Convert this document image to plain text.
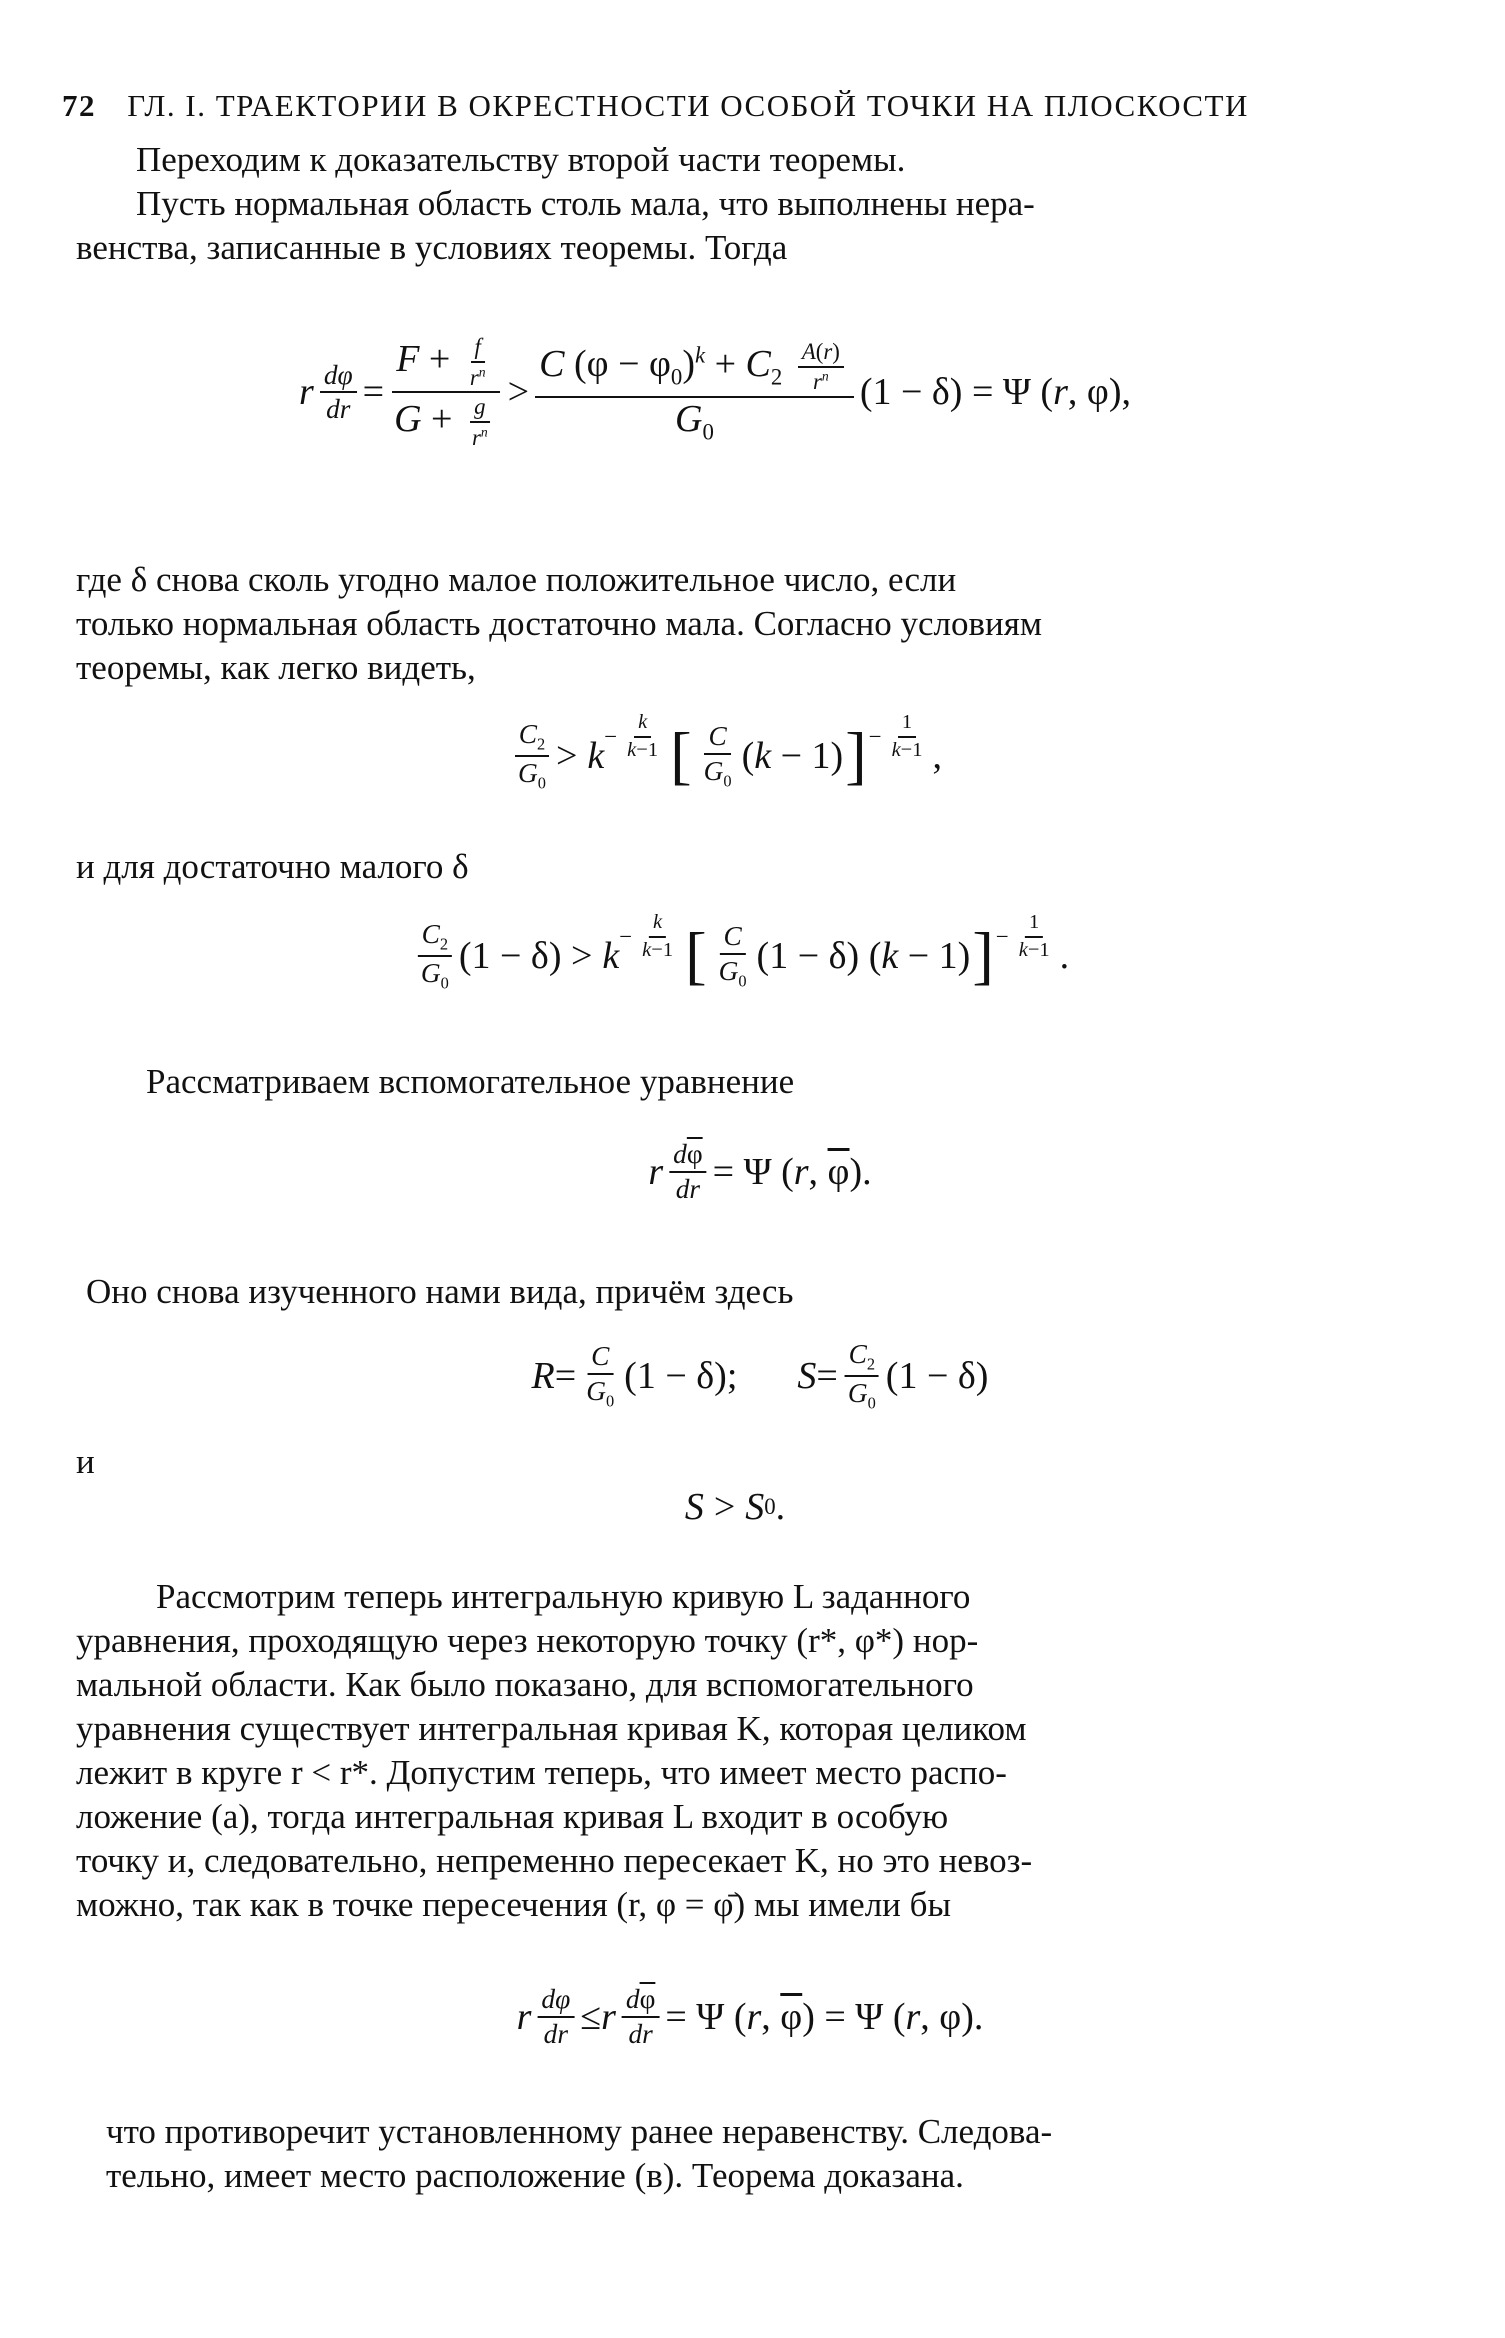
72 ГЛ. I. ТРАЕКТОРИИ В ОКРЕСТНОСТИ ОСОБОЙ ТОЧКИ НА ПЛОСКОСТИ
Переходим к доказательству второй части теоремы.
Пусть нормальная область столь мала, что выполнены нера-
венства, записанные в условиях теоремы. Тогда
r $\frac{d\varphi}{dr} = \frac{F + \frac{f}{r^n}}{G + \frac{g}{r^n}} > \frac{C (\varphi - \varphi_0)^k + C_2 \frac{A(r)}{r^n}}{G_0} (1 - \delta) = \Psi$ (r, φ),
где δ снова сколь угодно малое положительное число, если
только нормальная область достаточно мала. Согласно условиям
теоремы, как легко видеть,
$\frac{C_2}{G_0} > k - \frac{k}{k-1}$ [ $\frac{C}{G_0} (k - 1)$ ] − $\frac{1}{k-1}$ ,
и для достаточно малого δ
$\frac{C_2}{G_0} (1 - \delta) > k - \frac{k}{k-1}$ [ $\frac{C}{G_0} (1 - \delta) (k - 1)$ ] − $\frac{1}{k-1}$ .
Рассматриваем вспомогательное уравнение
r $\frac{d\overline{\varphi}}{dr} = \Psi$ (r, $\overline{\varphi}$).
Оно снова изученного нами вида, причём здесь
$R = \frac{C}{G_0} (1 - \delta)$; $S = \frac{C_2}{G_0} (1 - \delta)$
и
S > S 0 .
Рассмотрим теперь интегральную кривую L заданного
уравнения, проходящую через некоторую точку (r*, φ*) нор-
мальной области. Как было показано, для вспомогательного
уравнения существует интегральная кривая K, которая целиком
лежит в круге r < r*. Допустим теперь, что имеет место распо-
ложение (а), тогда интегральная кривая L входит в особую
точку и, следовательно, непременно пересекает K, но это невоз-
можно, так как в точке пересечения (r, φ = φ̄) мы имели бы
r $\frac{d\varphi}{dr} \le r \frac{d\overline{\varphi}}{dr} = \Psi$ (r, $\overline{\varphi}) = \Psi$ (r, φ).
что противоречит установленному ранее неравенству. Следова-
тельно, имеет место расположение (в). Теорема доказана.
